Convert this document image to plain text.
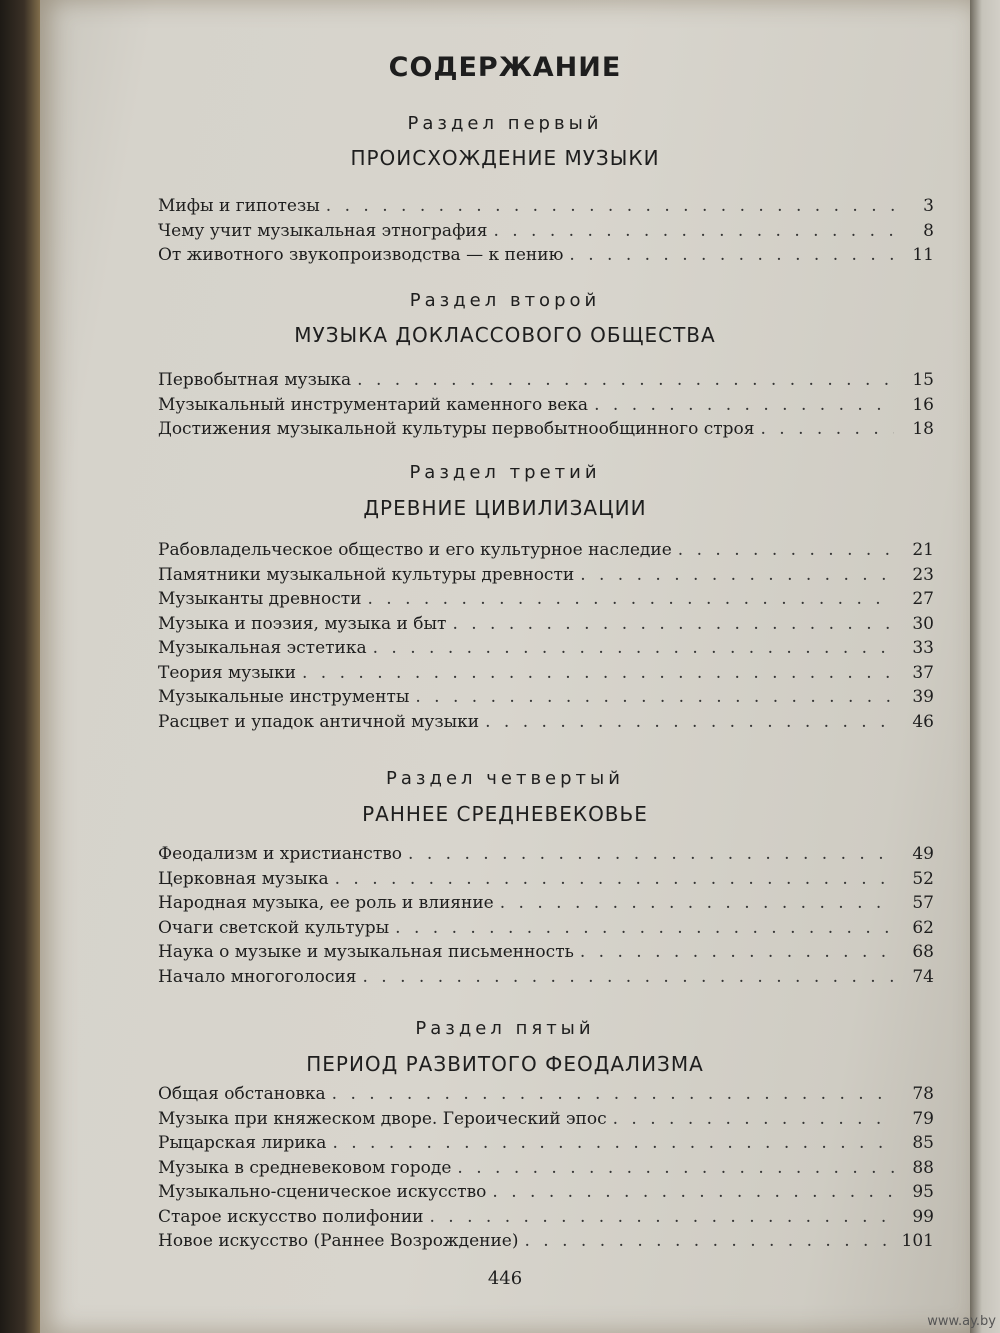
СОДЕРЖАНИЕ
Раздел первый
ПРОИСХОЖДЕНИЕ МУЗЫКИ
Мифы и гипотезы . . .	3
Чему учит музыкальная этнография . . .	8
От животного звукопроизводства — к пению . . .	11
Раздел второй
МУЗЫКА ДОКЛАССОВОГО ОБЩЕСТВА
Первобытная музыка . . .	15
Музыкальный инструментарий каменного века . . .	16
Достижения музыкальной культуры первобытнообщинного строя . . .	18
Раздел третий
ДРЕВНИЕ ЦИВИЛИЗАЦИИ
Рабовладельческое общество и его культурное наследие . . .	21
Памятники музыкальной культуры древности . . .	23
Музыканты древности . . .	27
Музыка и поэзия, музыка и быт . . .	30
Музыкальная эстетика . . .	33
Теория музыки . . .	37
Музыкальные инструменты . . .	39
Расцвет и упадок античной музыки . . .	46
Раздел четвертый
РАННЕЕ СРЕДНЕВЕКОВЬЕ
Феодализм и христианство . . .	49
Церковная музыка . . .	52
Народная музыка, ее роль и влияние . . .	57
Очаги светской культуры . . .	62
Наука о музыке и музыкальная письменность . . .	68
Начало многоголосия . . .	74
Раздел пятый
ПЕРИОД РАЗВИТОГО ФЕОДАЛИЗМА
Общая обстановка . . .	78
Музыка при княжеском дворе. Героический эпос . . .	79
Рыцарская лирика . . .	85
Музыка в средневековом городе . . .	88
Музыкально-сценическое искусство . . .	95
Старое искусство полифонии . . .	99
Новое искусство (Раннее Возрождение) . . .	101
446
www.ay.by
